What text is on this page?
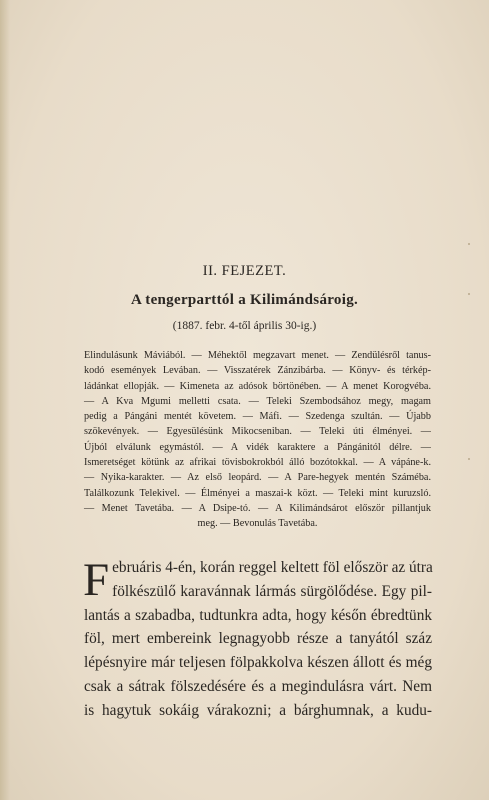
II. FEJEZET.
A tengerparttól a Kilimándsároig.
(1887. febr. 4-től április 30-ig.)
Elindulásunk Máviából. — Méhektől megzavart menet. — Zendülésről tanus-
kodó események Levában. — Visszatérek Zánzibárba. — Könyv- és térkép-
ládánkat ellopják. — Kimenetа az adósok börtönében. — A menet Korogvéba.
— A Kva Mgumi melletti csata. — Teleki Szembodsához megy, magam
pedig a Pángáni mentét követem. — Máfi. — Szedenga szultán. — Újabb
szökevények. — Egyesülésünk Mikocseniban. — Teleki úti élményei. —
Újból elválunk egymástól. — A vidék karaktere a Pángánitól délre. —
Ismeretséget kötünk az afrikai tövisbokrokból álló bozótokkal. — A vápáne-k.
— Nyika-karakter. — Az első leopárd. — A Pare-hegyek mentén Száméba.
Találkozunk Telekivel. — Élményei a maszai-k közt. — Teleki mint kuruzsló.
— Menet Tavetába. — A Dsipe-tó. — A Kilimándsárot először pillantjuk
meg. — Bevonulás Tavetába.
F ebruáris 4-én, korán reggel keltett föl először az útra
fölkészülő karavánnak lármás sürgölődése. Egy pil-
lantás a szabadba, tudtunkra adta, hogy későn ébredtünk
föl, mert embereink legnagyobb része a tanyától száz
lépésnyire már teljesen fölpakkolva készen állott és még
csak a sátrak fölszedésére és a megindulásra várt. Nem
is hagytuk sokáig várakozni; a bárghumnak, a kudu-
